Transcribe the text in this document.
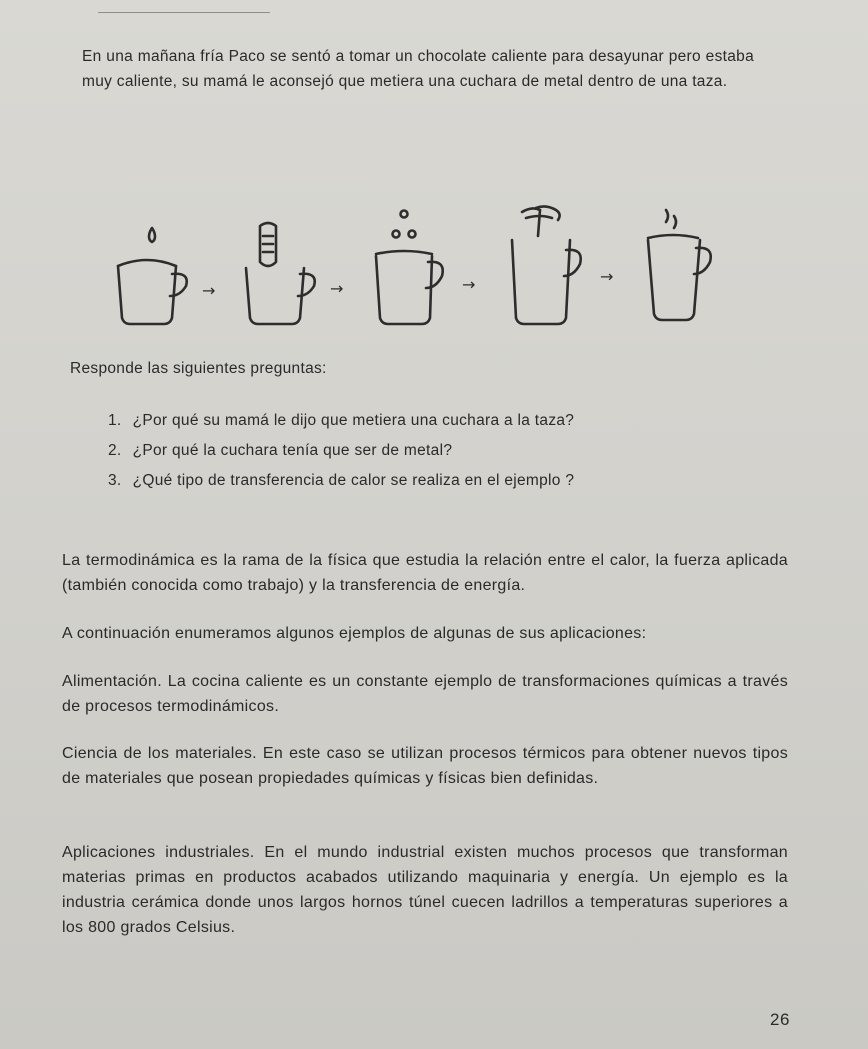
En una mañana fría Paco se sentó a tomar un chocolate caliente para desayunar pero estaba muy caliente, su mamá le aconsejó que metiera una cuchara de metal dentro de una taza.

→	→	→	→
Responde las siguientes preguntas:
1. ¿Por qué su mamá le dijo que metiera una cuchara a la taza?
2. ¿Por qué la cuchara tenía que ser de metal?
3. ¿Qué tipo de transferencia de calor se realiza en el ejemplo ?

La termodinámica es la rama de la física que estudia la relación entre el calor, la fuerza aplicada (también conocida como trabajo) y la transferencia de energía.

A continuación enumeramos algunos ejemplos de algunas de sus aplicaciones:

Alimentación. La cocina caliente es un constante ejemplo de transformaciones químicas a través de procesos termodinámicos.

Ciencia de los materiales. En este caso se utilizan procesos térmicos para obtener nuevos tipos de materiales que posean propiedades químicas y físicas bien definidas.

Aplicaciones industriales. En el mundo industrial existen muchos procesos que transforman materias primas en productos acabados utilizando maquinaria y energía. Un ejemplo es la industria cerámica donde unos largos hornos túnel cuecen ladrillos a temperaturas superiores a los 800 grados Celsius.

26
